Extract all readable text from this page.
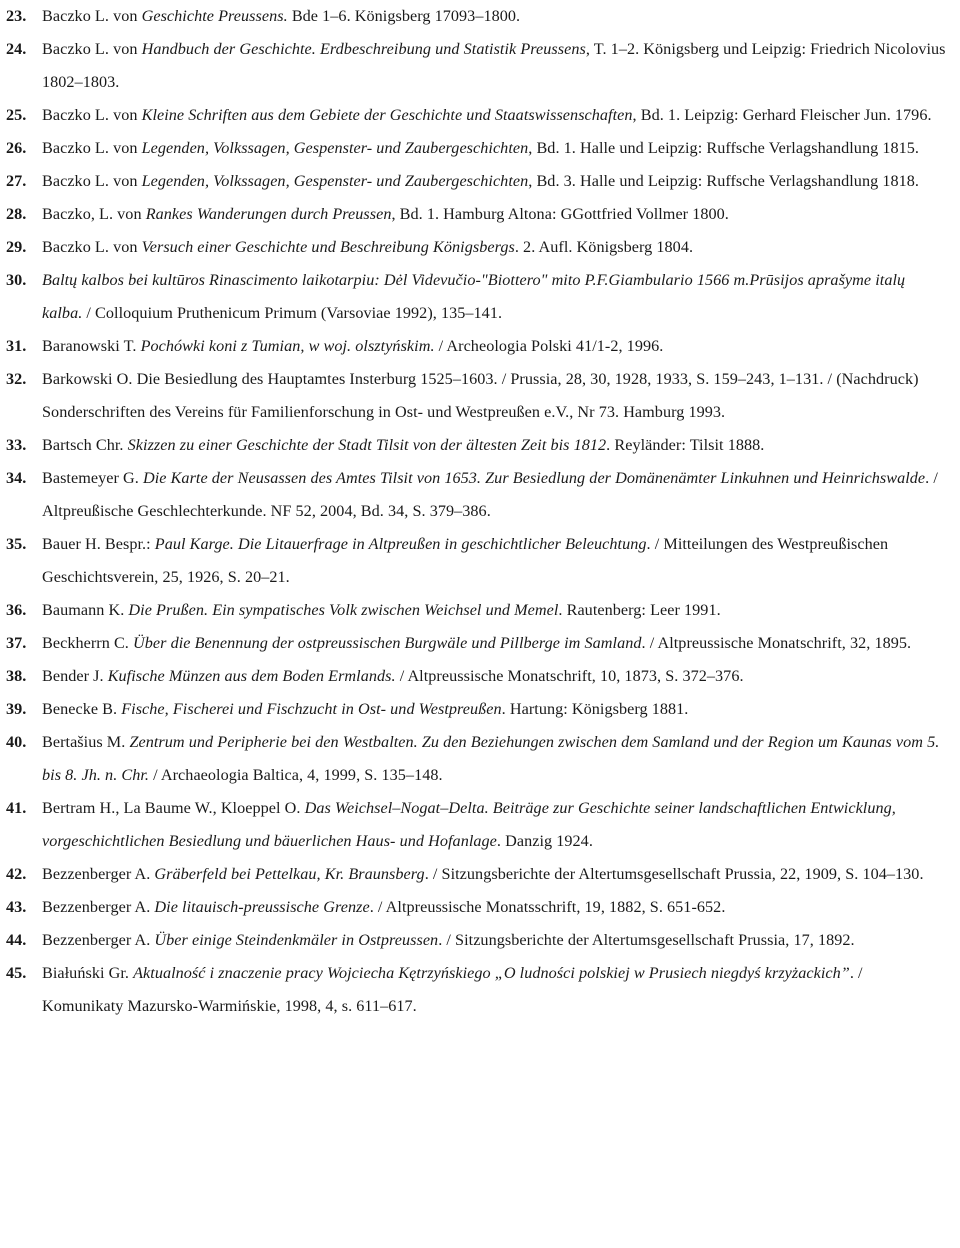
23. Baczko L. von Geschichte Preussens. Bde 1–6. Königsberg 17093–1800.

24. Baczko L. von Handbuch der Geschichte. Erdbeschreibung und Statistik Preussens, T. 1–2. Königsberg und Leipzig: Friedrich Nicolovius 1802–1803.

25. Baczko L. von Kleine Schriften aus dem Gebiete der Geschichte und Staatswissenschaften, Bd. 1. Leipzig: Gerhard Fleischer Jun. 1796.

26. Baczko L. von Legenden, Volkssagen, Gespenster- und Zaubergeschichten, Bd. 1. Halle und Leipzig: Ruffsche Verlagshandlung 1815.

27. Baczko L. von Legenden, Volkssagen, Gespenster- und Zaubergeschichten, Bd. 3. Halle und Leipzig: Ruffsche Verlagshandlung 1818.

28. Baczko, L. von Rankes Wanderungen durch Preussen, Bd. 1. Hamburg Altona: GGottfried Vollmer 1800.

29. Baczko L. von Versuch einer Geschichte und Beschreibung Königsbergs. 2. Aufl. Königsberg 1804.

30. Baltų kalbos bei kultūros Rinascimento laikotarpiu: Dėl Videvučio-"Biottero" mito P.F.Giambulario 1566 m.Prūsijos aprašyme italų kalba. / Colloquium Pruthenicum Primum (Varsoviae 1992), 135–141.

31. Baranowski T. Pochówki koni z Tumian, w woj. olsztyńskim. / Archeologia Polski 41/1-2, 1996.

32. Barkowski O. Die Besiedlung des Hauptamtes Insterburg 1525–1603. / Prussia, 28, 30, 1928, 1933, S. 159–243, 1–131. / (Nachdruck) Sonderschriften des Vereins für Familienforschung in Ost- und Westpreußen e.V., Nr 73. Hamburg 1993.

33. Bartsch Chr. Skizzen zu einer Geschichte der Stadt Tilsit von der ältesten Zeit bis 1812. Reyländer: Tilsit 1888.

34. Bastemeyer G. Die Karte der Neusassen des Amtes Tilsit von 1653. Zur Besiedlung der Domänenämter Linkuhnen und Heinrichswalde. / Altpreußische Geschlechterkunde. NF 52, 2004, Bd. 34, S. 379–386.

35. Bauer H. Bespr.: Paul Karge. Die Litauerfrage in Altpreußen in geschichtlicher Beleuchtung. / Mitteilungen des Westpreußischen Geschichtsverein, 25, 1926, S. 20–21.

36. Baumann K. Die Prußen. Ein sympatisches Volk zwischen Weichsel und Memel. Rautenberg: Leer 1991.

37. Beckherrn C. Über die Benennung der ostpreussischen Burgwäle und Pillberge im Samland. / Altpreussische Monatschrift, 32, 1895.

38. Bender J. Kufische Münzen aus dem Boden Ermlands. / Altpreussische Monatschrift, 10, 1873, S. 372–376.

39. Benecke B. Fische, Fischerei und Fischzucht in Ost- und Westpreußen. Hartung: Königsberg 1881.

40. Bertašius M. Zentrum und Peripherie bei den Westbalten. Zu den Beziehungen zwischen dem Samland und der Region um Kaunas vom 5. bis 8. Jh. n. Chr. / Archaeologia Baltica, 4, 1999, S. 135–148.

41. Bertram H., La Baume W., Kloeppel O. Das Weichsel–Nogat–Delta. Beiträge zur Geschichte seiner landschaftlichen Entwicklung, vorgeschichtlichen Besiedlung und bäuerlichen Haus- und Hofanlage. Danzig 1924.

42. Bezzenberger A. Gräberfeld bei Pettelkau, Kr. Braunsberg. / Sitzungsberichte der Altertumsgesellschaft Prussia, 22, 1909, S. 104–130.

43. Bezzenberger A. Die litauisch-preussische Grenze. / Altpreussische Monatsschrift, 19, 1882, S. 651-652.

44. Bezzenberger A. Über einige Steindenkmäler in Ostpreussen. / Sitzungsberichte der Altertumsgesellschaft Prussia, 17, 1892.

45. Białuński Gr. Aktualność i znaczenie pracy Wojciecha Kętrzyńskiego „O ludności polskiej w Prusiech niegdyś krzyżackich”. / Komunikaty Mazursko-Warmińskie, 1998, 4, s. 611–617.
